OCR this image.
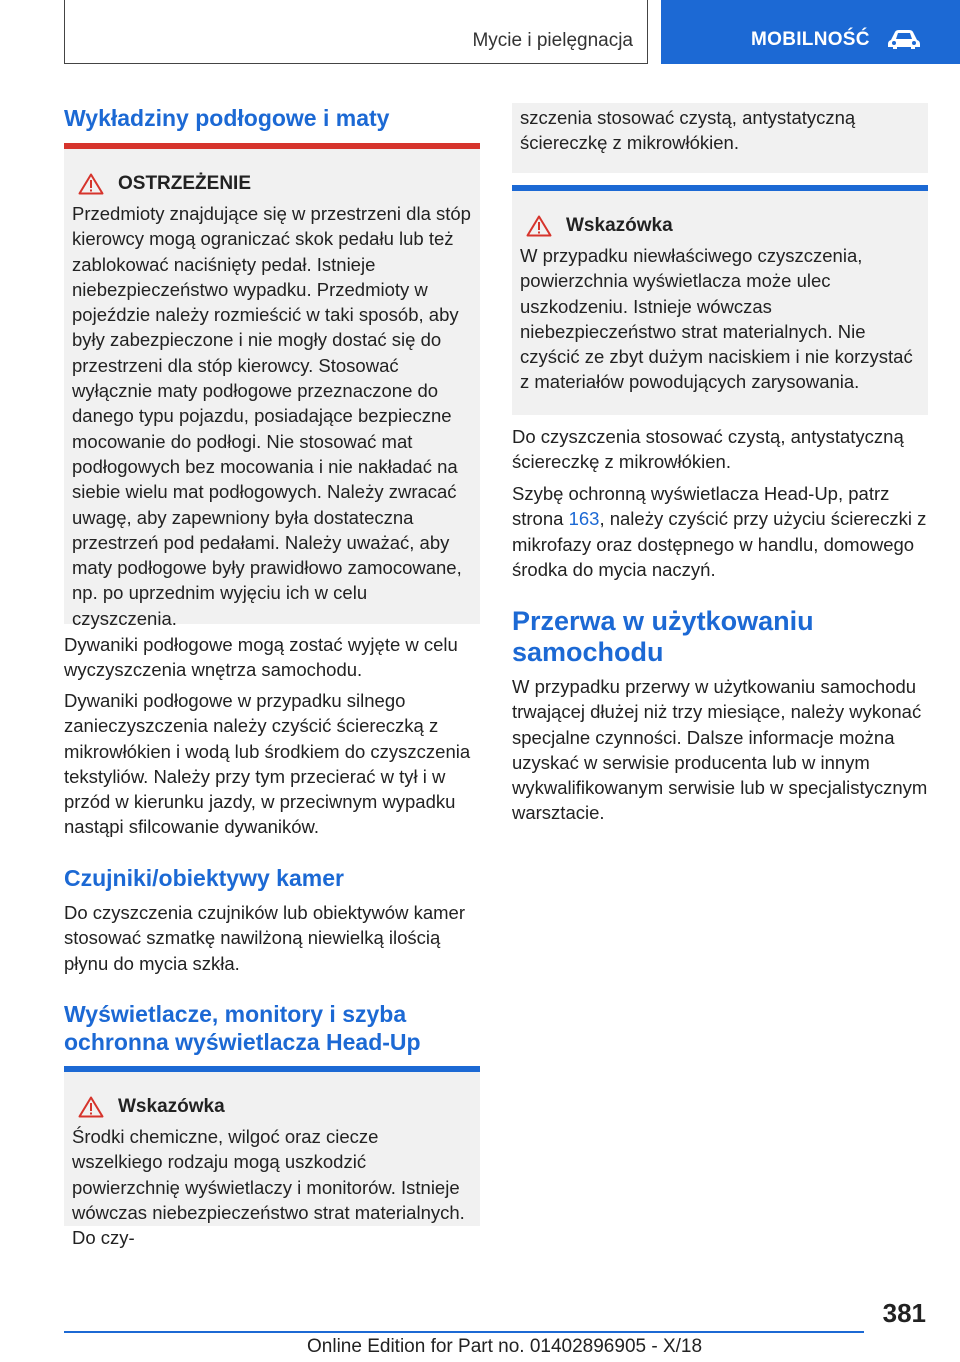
Mycie i pielęgnacja	MOBILNOŚĆ
Wykładziny podłogowe i maty
OSTRZEŻENIE

Przedmioty znajdujące się w przestrzeni dla stóp kierowcy mogą ograniczać skok pedału lub też zablokować naciśnięty pedał. Istnieje niebezpieczeństwo wypadku. Przedmioty w pojeździe należy rozmieścić w taki sposób, aby były zabezpieczone i nie mogły dostać się do przestrzeni dla stóp kierowcy. Stosować wyłącznie maty podłogowe przeznaczone do danego typu pojazdu, posiadające bezpieczne mocowanie do podłogi. Nie stosować mat podłogowych bez mocowania i nie nakładać na siebie wielu mat podłogowych. Należy zwracać uwagę, aby zapewniony była dostateczna przestrzeń pod pedałami. Należy uważać, aby maty podłogowe były prawidłowo zamocowane, np. po uprzednim wyjęciu ich w celu czyszczenia.

Dywaniki podłogowe mogą zostać wyjęte w celu wyczyszczenia wnętrza samochodu.

Dywaniki podłogowe w przypadku silnego zanieczyszczenia należy czyścić ściereczką z mikrowłókien i wodą lub środkiem do czyszczenia tekstyliów. Należy przy tym przecierać w tył i w przód w kierunku jazdy, w przeciwnym wypadku nastąpi sfilcowanie dywaników.

Czujniki/obiektywy kamer

Do czyszczenia czujników lub obiektywów kamer stosować szmatkę nawilżoną niewielką ilością płynu do mycia szkła.

Wyświetlacze, monitory i szyba
ochronna wyświetlacza Head-Up
Wskazówka

Środki chemiczne, wilgoć oraz ciecze wszelkiego rodzaju mogą uszkodzić powierzchnię wyświetlaczy i monitorów. Istnieje wówczas niebezpieczeństwo strat materialnych. Do czy-

szczenia stosować czystą, antystatyczną ściereczkę z mikrowłókien.

Wskazówka

W przypadku niewłaściwego czyszczenia, powierzchnia wyświetlacza może ulec uszkodzeniu. Istnieje wówczas niebezpieczeństwo strat materialnych. Nie czyścić ze zbyt dużym naciskiem i nie korzystać z materiałów powodujących zarysowania.

Do czyszczenia stosować czystą, antystatyczną ściereczkę z mikrowłókien.

Szybę ochronną wyświetlacza Head-Up, patrz strona 163, należy czyścić przy użyciu ściereczki z mikrofazy oraz dostępnego w handlu, domowego środka do mycia naczyń.

Przerwa w użytkowaniu
samochodu

W przypadku przerwy w użytkowaniu samochodu trwającej dłużej niż trzy miesiące, należy wykonać specjalne czynności. Dalsze informacje można uzyskać w serwisie producenta lub w innym wykwalifikowanym serwisie lub w specjalistycznym warsztacie.

381
Online Edition for Part no. 01402896905 - X/18
